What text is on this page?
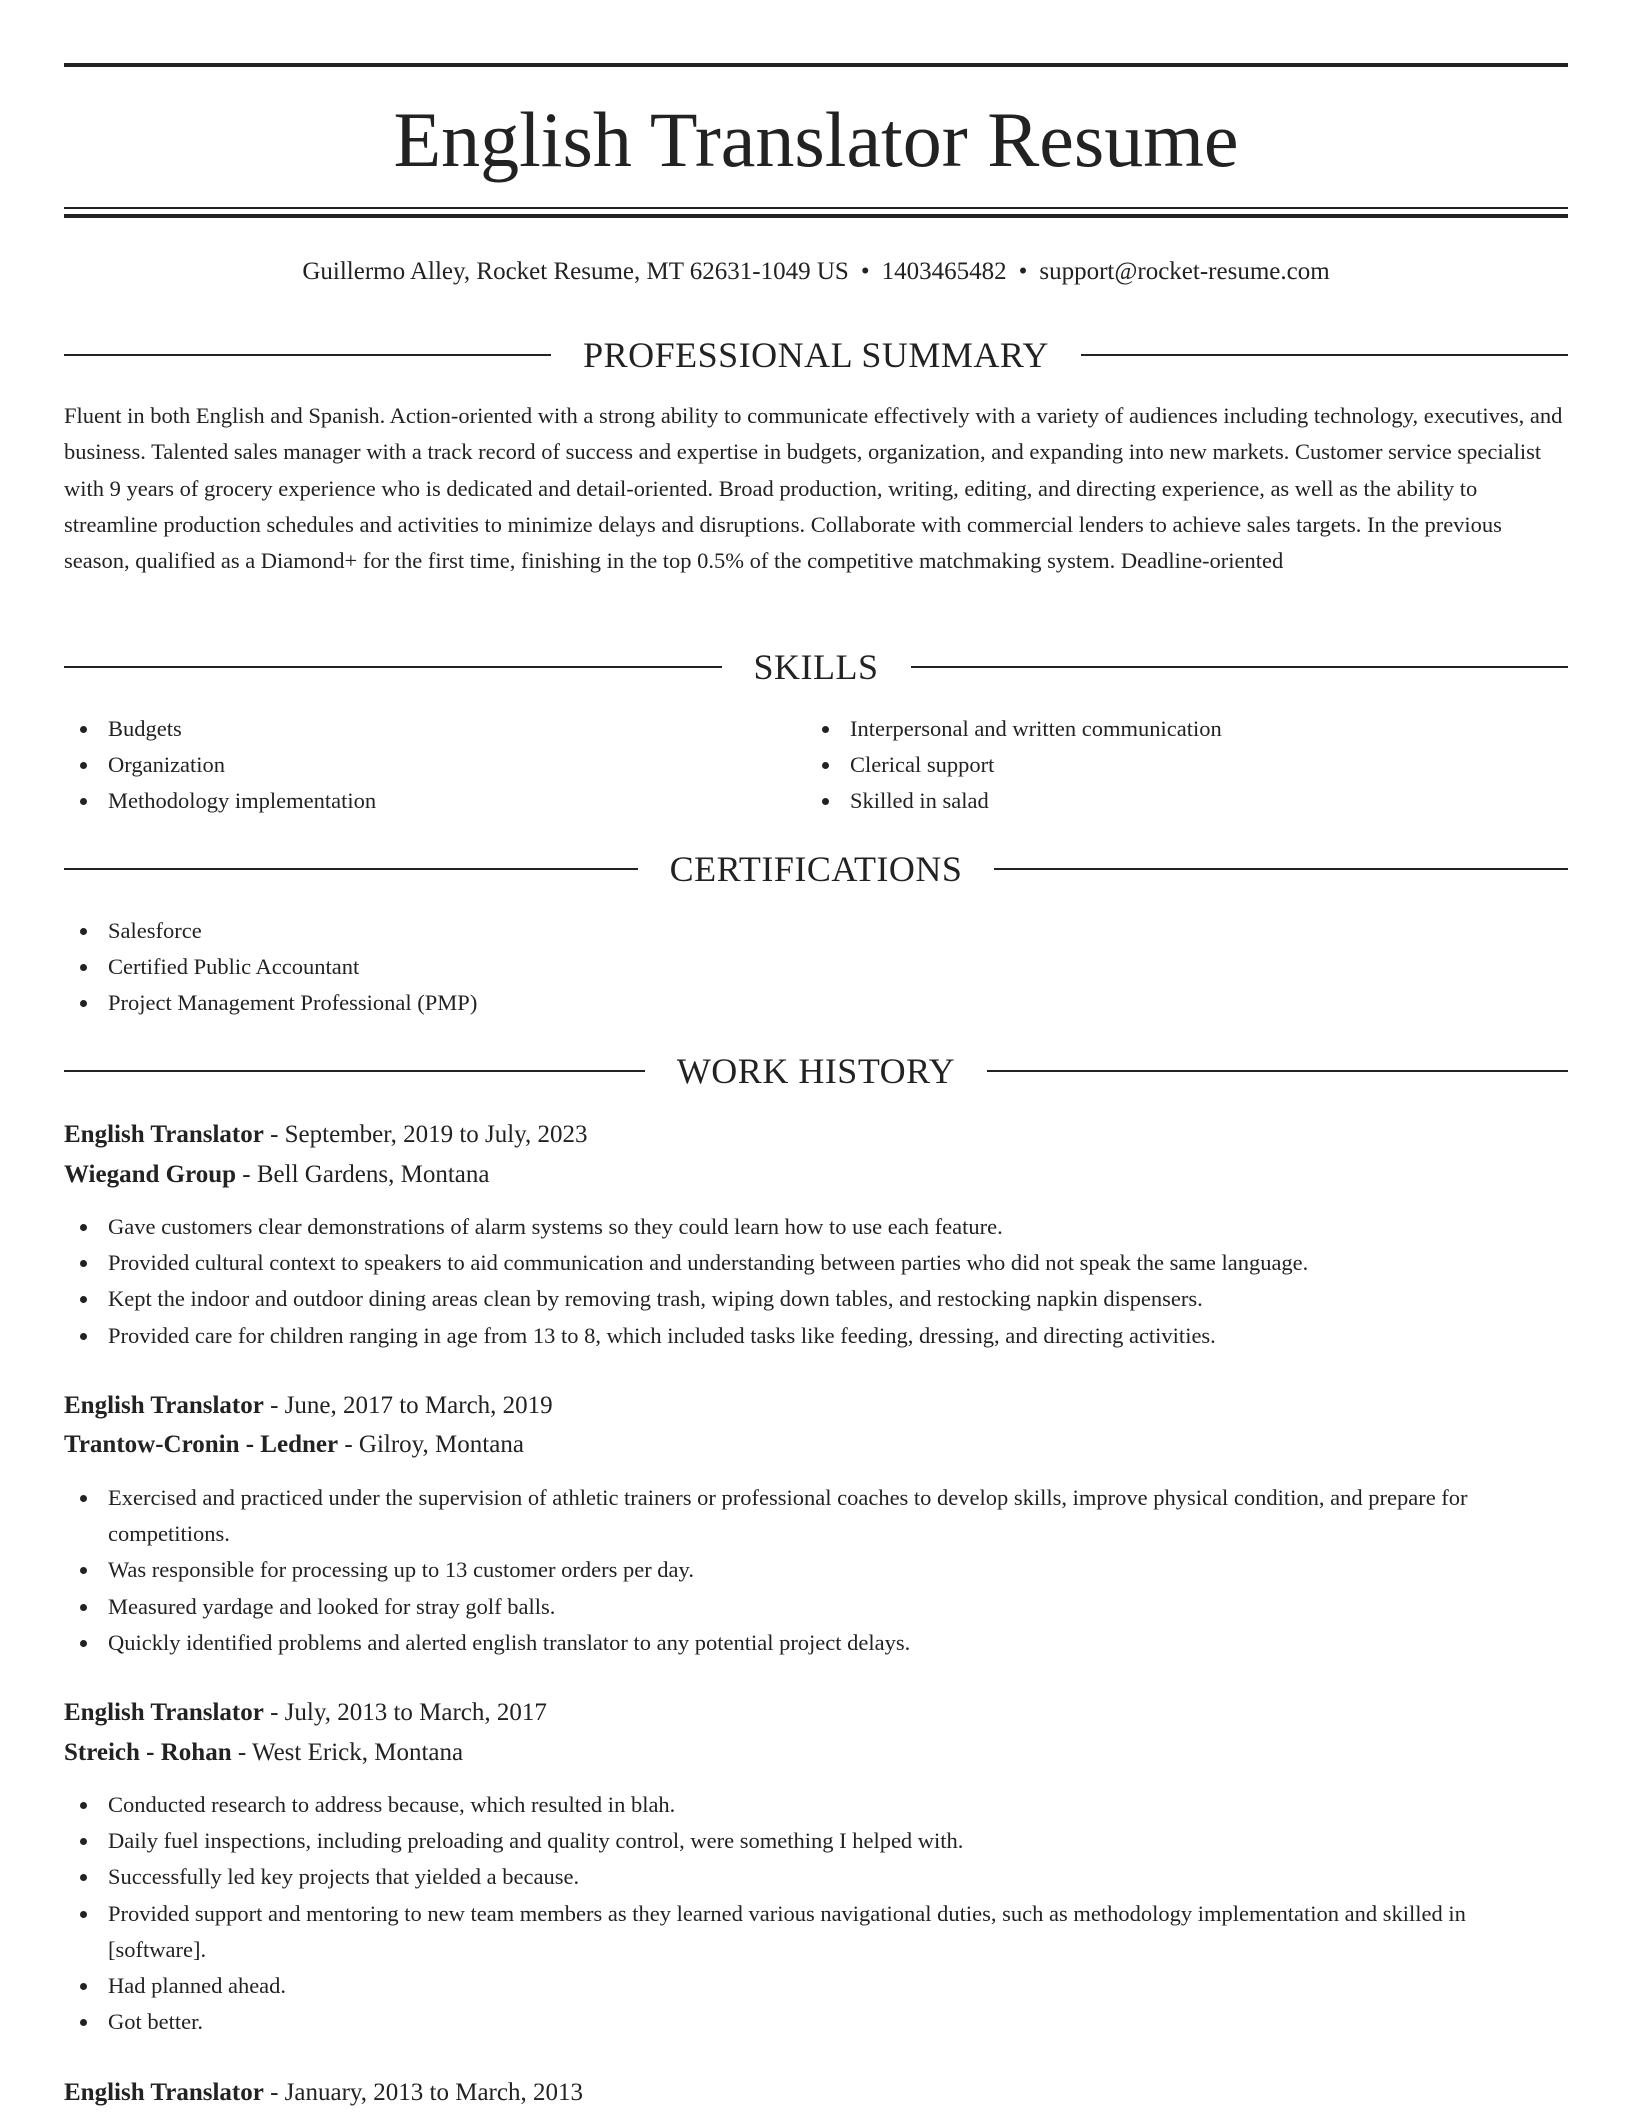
English Translator Resume
Guillermo Alley, Rocket Resume, MT 62631-1049 US • 1403465482 • support@rocket-resume.com
PROFESSIONAL SUMMARY

Fluent in both English and Spanish. Action-oriented with a strong ability to communicate effectively with a variety of audiences including technology, executives, and business. Talented sales manager with a track record of success and expertise in budgets, organization, and expanding into new markets. Customer service specialist with 9 years of grocery experience who is dedicated and detail-oriented. Broad production, writing, editing, and directing experience, as well as the ability to streamline production schedules and activities to minimize delays and disruptions. Collaborate with commercial lenders to achieve sales targets. In the previous season, qualified as a Diamond+ for the first time, finishing in the top 0.5% of the competitive matchmaking system. Deadline-oriented

SKILLS
Budgets
Organization
Methodology implementation
Interpersonal and written communication
Clerical support
Skilled in salad
CERTIFICATIONS
Salesforce
Certified Public Accountant
Project Management Professional (PMP)
WORK HISTORY
English Translator - September, 2019 to July, 2023
Wiegand Group - Bell Gardens, Montana
Gave customers clear demonstrations of alarm systems so they could learn how to use each feature.
Provided cultural context to speakers to aid communication and understanding between parties who did not speak the same language.
Kept the indoor and outdoor dining areas clean by removing trash, wiping down tables, and restocking napkin dispensers.
Provided care for children ranging in age from 13 to 8, which included tasks like feeding, dressing, and directing activities.
English Translator - June, 2017 to March, 2019
Trantow-Cronin - Ledner - Gilroy, Montana
Exercised and practiced under the supervision of athletic trainers or professional coaches to develop skills, improve physical condition, and prepare for competitions.
Was responsible for processing up to 13 customer orders per day.
Measured yardage and looked for stray golf balls.
Quickly identified problems and alerted english translator to any potential project delays.
English Translator - July, 2013 to March, 2017
Streich - Rohan - West Erick, Montana
Conducted research to address because, which resulted in blah.
Daily fuel inspections, including preloading and quality control, were something I helped with.
Successfully led key projects that yielded a because.
Provided support and mentoring to new team members as they learned various navigational duties, such as methodology implementation and skilled in [software].
Had planned ahead.
Got better.
English Translator - January, 2013 to March, 2013
